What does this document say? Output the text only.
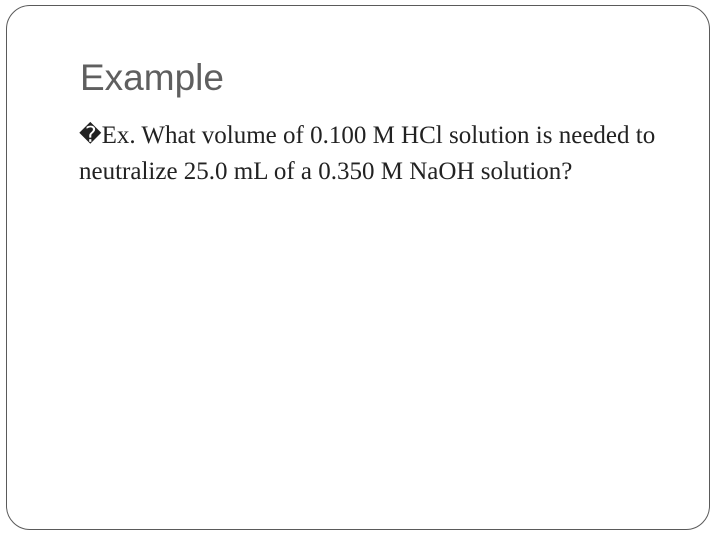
Example
�Ex. What volume of 0.100 M HCl solution is needed to neutralize 25.0 mL of a 0.350 M NaOH solution?
